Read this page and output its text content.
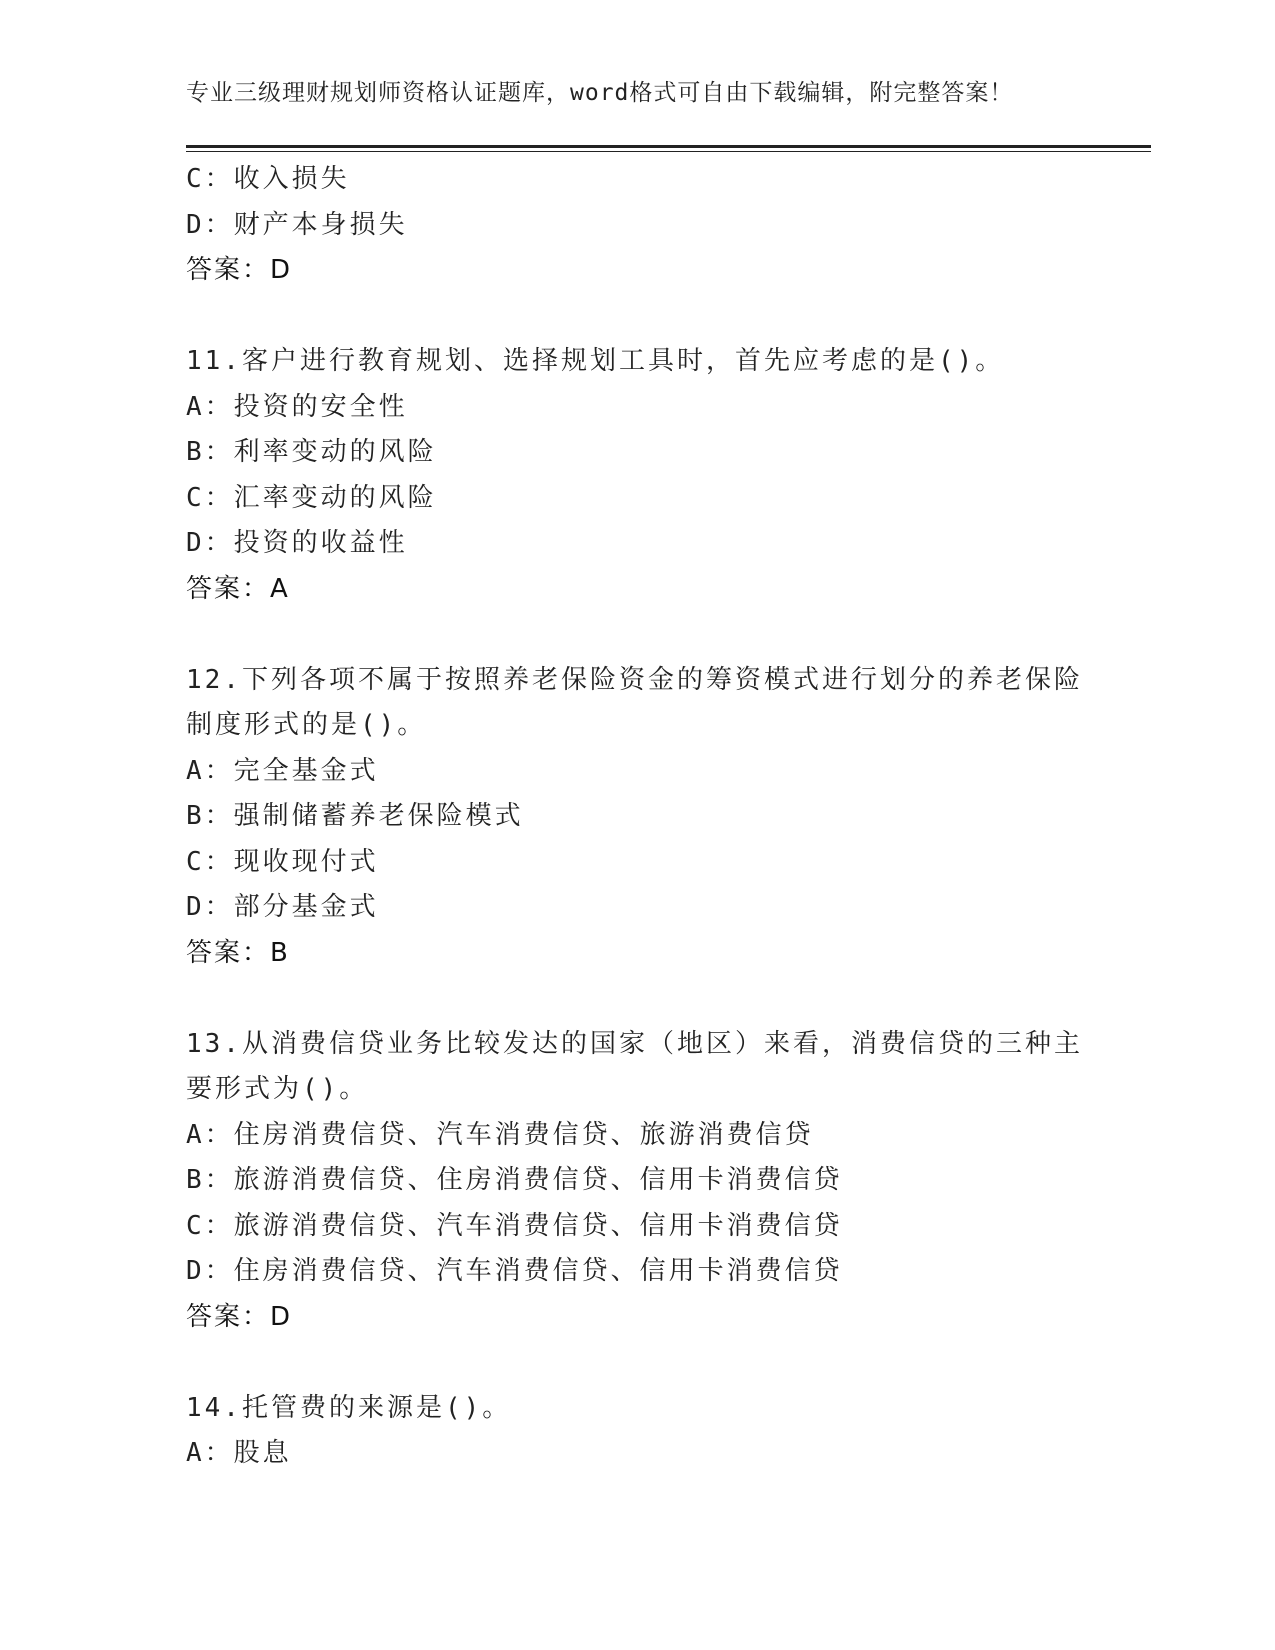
专业三级理财规划师资格认证题库，word格式可自由下载编辑，附完整答案！
C：收入损失
D：财产本身损失
答案：D
11.客户进行教育规划、选择规划工具时，首先应考虑的是()。
A：投资的安全性
B：利率变动的风险
C：汇率变动的风险
D：投资的收益性
答案：A
12.下列各项不属于按照养老保险资金的筹资模式进行划分的养老保险
制度形式的是()。
A：完全基金式
B：强制储蓄养老保险模式
C：现收现付式
D：部分基金式
答案：B
13.从消费信贷业务比较发达的国家（地区）来看，消费信贷的三种主
要形式为()。
A：住房消费信贷、汽车消费信贷、旅游消费信贷
B：旅游消费信贷、住房消费信贷、信用卡消费信贷
C：旅游消费信贷、汽车消费信贷、信用卡消费信贷
D：住房消费信贷、汽车消费信贷、信用卡消费信贷
答案：D
14.托管费的来源是()。
A：股息
